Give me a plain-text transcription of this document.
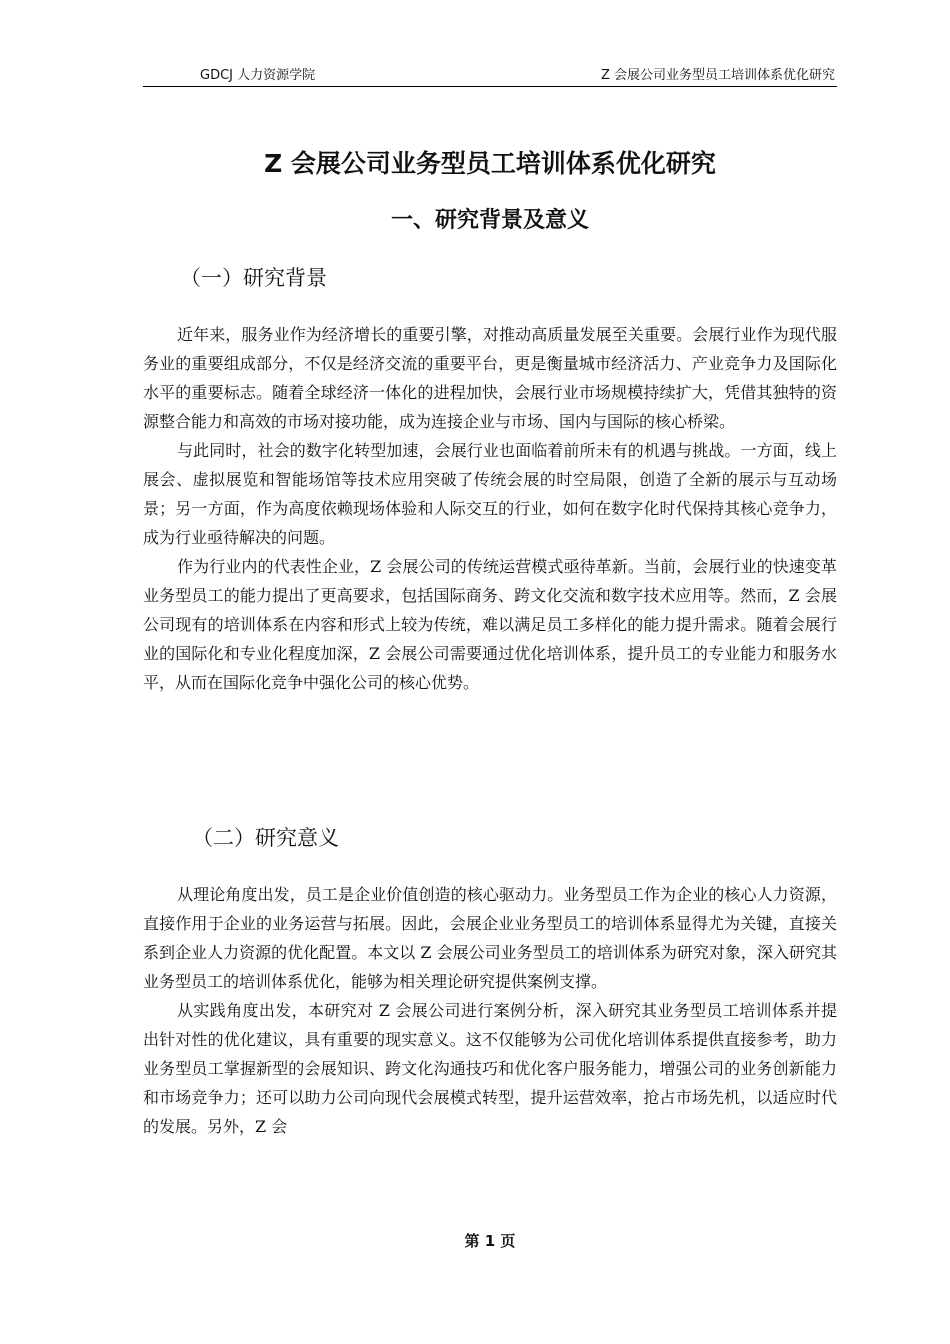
GDCJ 人力资源学院	Z 会展公司业务型员工培训体系优化研究
Z 会展公司业务型员工培训体系优化研究
一、研究背景及意义
（一）研究背景

近年来，服务业作为经济增长的重要引擎，对推动高质量发展至关重要。会展行业作为现代服务业的重要组成部分，不仅是经济交流的重要平台，更是衡量城市经济活力、产业竞争力及国际化水平的重要标志。随着全球经济一体化的进程加快，会展行业市场规模持续扩大，凭借其独特的资源整合能力和高效的市场对接功能，成为连接企业与市场、国内与国际的核心桥梁。

与此同时，社会的数字化转型加速，会展行业也面临着前所未有的机遇与挑战。一方面，线上展会、虚拟展览和智能场馆等技术应用突破了传统会展的时空局限，创造了全新的展示与互动场景；另一方面，作为高度依赖现场体验和人际交互的行业，如何在数字化时代保持其核心竞争力，成为行业亟待解决的问题。

作为行业内的代表性企业，Z 会展公司的传统运营模式亟待革新。当前，会展行业的快速变革业务型员工的能力提出了更高要求，包括国际商务、跨文化交流和数字技术应用等。然而，Z 会展公司现有的培训体系在内容和形式上较为传统，难以满足员工多样化的能力提升需求。随着会展行业的国际化和专业化程度加深，Z 会展公司需要通过优化培训体系，提升员工的专业能力和服务水平，从而在国际化竞争中强化公司的核心优势。

（二）研究意义

从理论角度出发，员工是企业价值创造的核心驱动力。业务型员工作为企业的核心人力资源，直接作用于企业的业务运营与拓展。因此，会展企业业务型员工的培训体系显得尤为关键，直接关系到企业人力资源的优化配置。本文以 Z 会展公司业务型员工的培训体系为研究对象，深入研究其业务型员工的培训体系优化，能够为相关理论研究提供案例支撑。

从实践角度出发，本研究对 Z 会展公司进行案例分析，深入研究其业务型员工培训体系并提出针对性的优化建议，具有重要的现实意义。这不仅能够为公司优化培训体系提供直接参考，助力业务型员工掌握新型的会展知识、跨文化沟通技巧和优化客户服务能力，增强公司的业务创新能力和市场竞争力；还可以助力公司向现代会展模式转型，提升运营效率，抢占市场先机，以适应时代的发展。另外，Z 会

第 1 页
